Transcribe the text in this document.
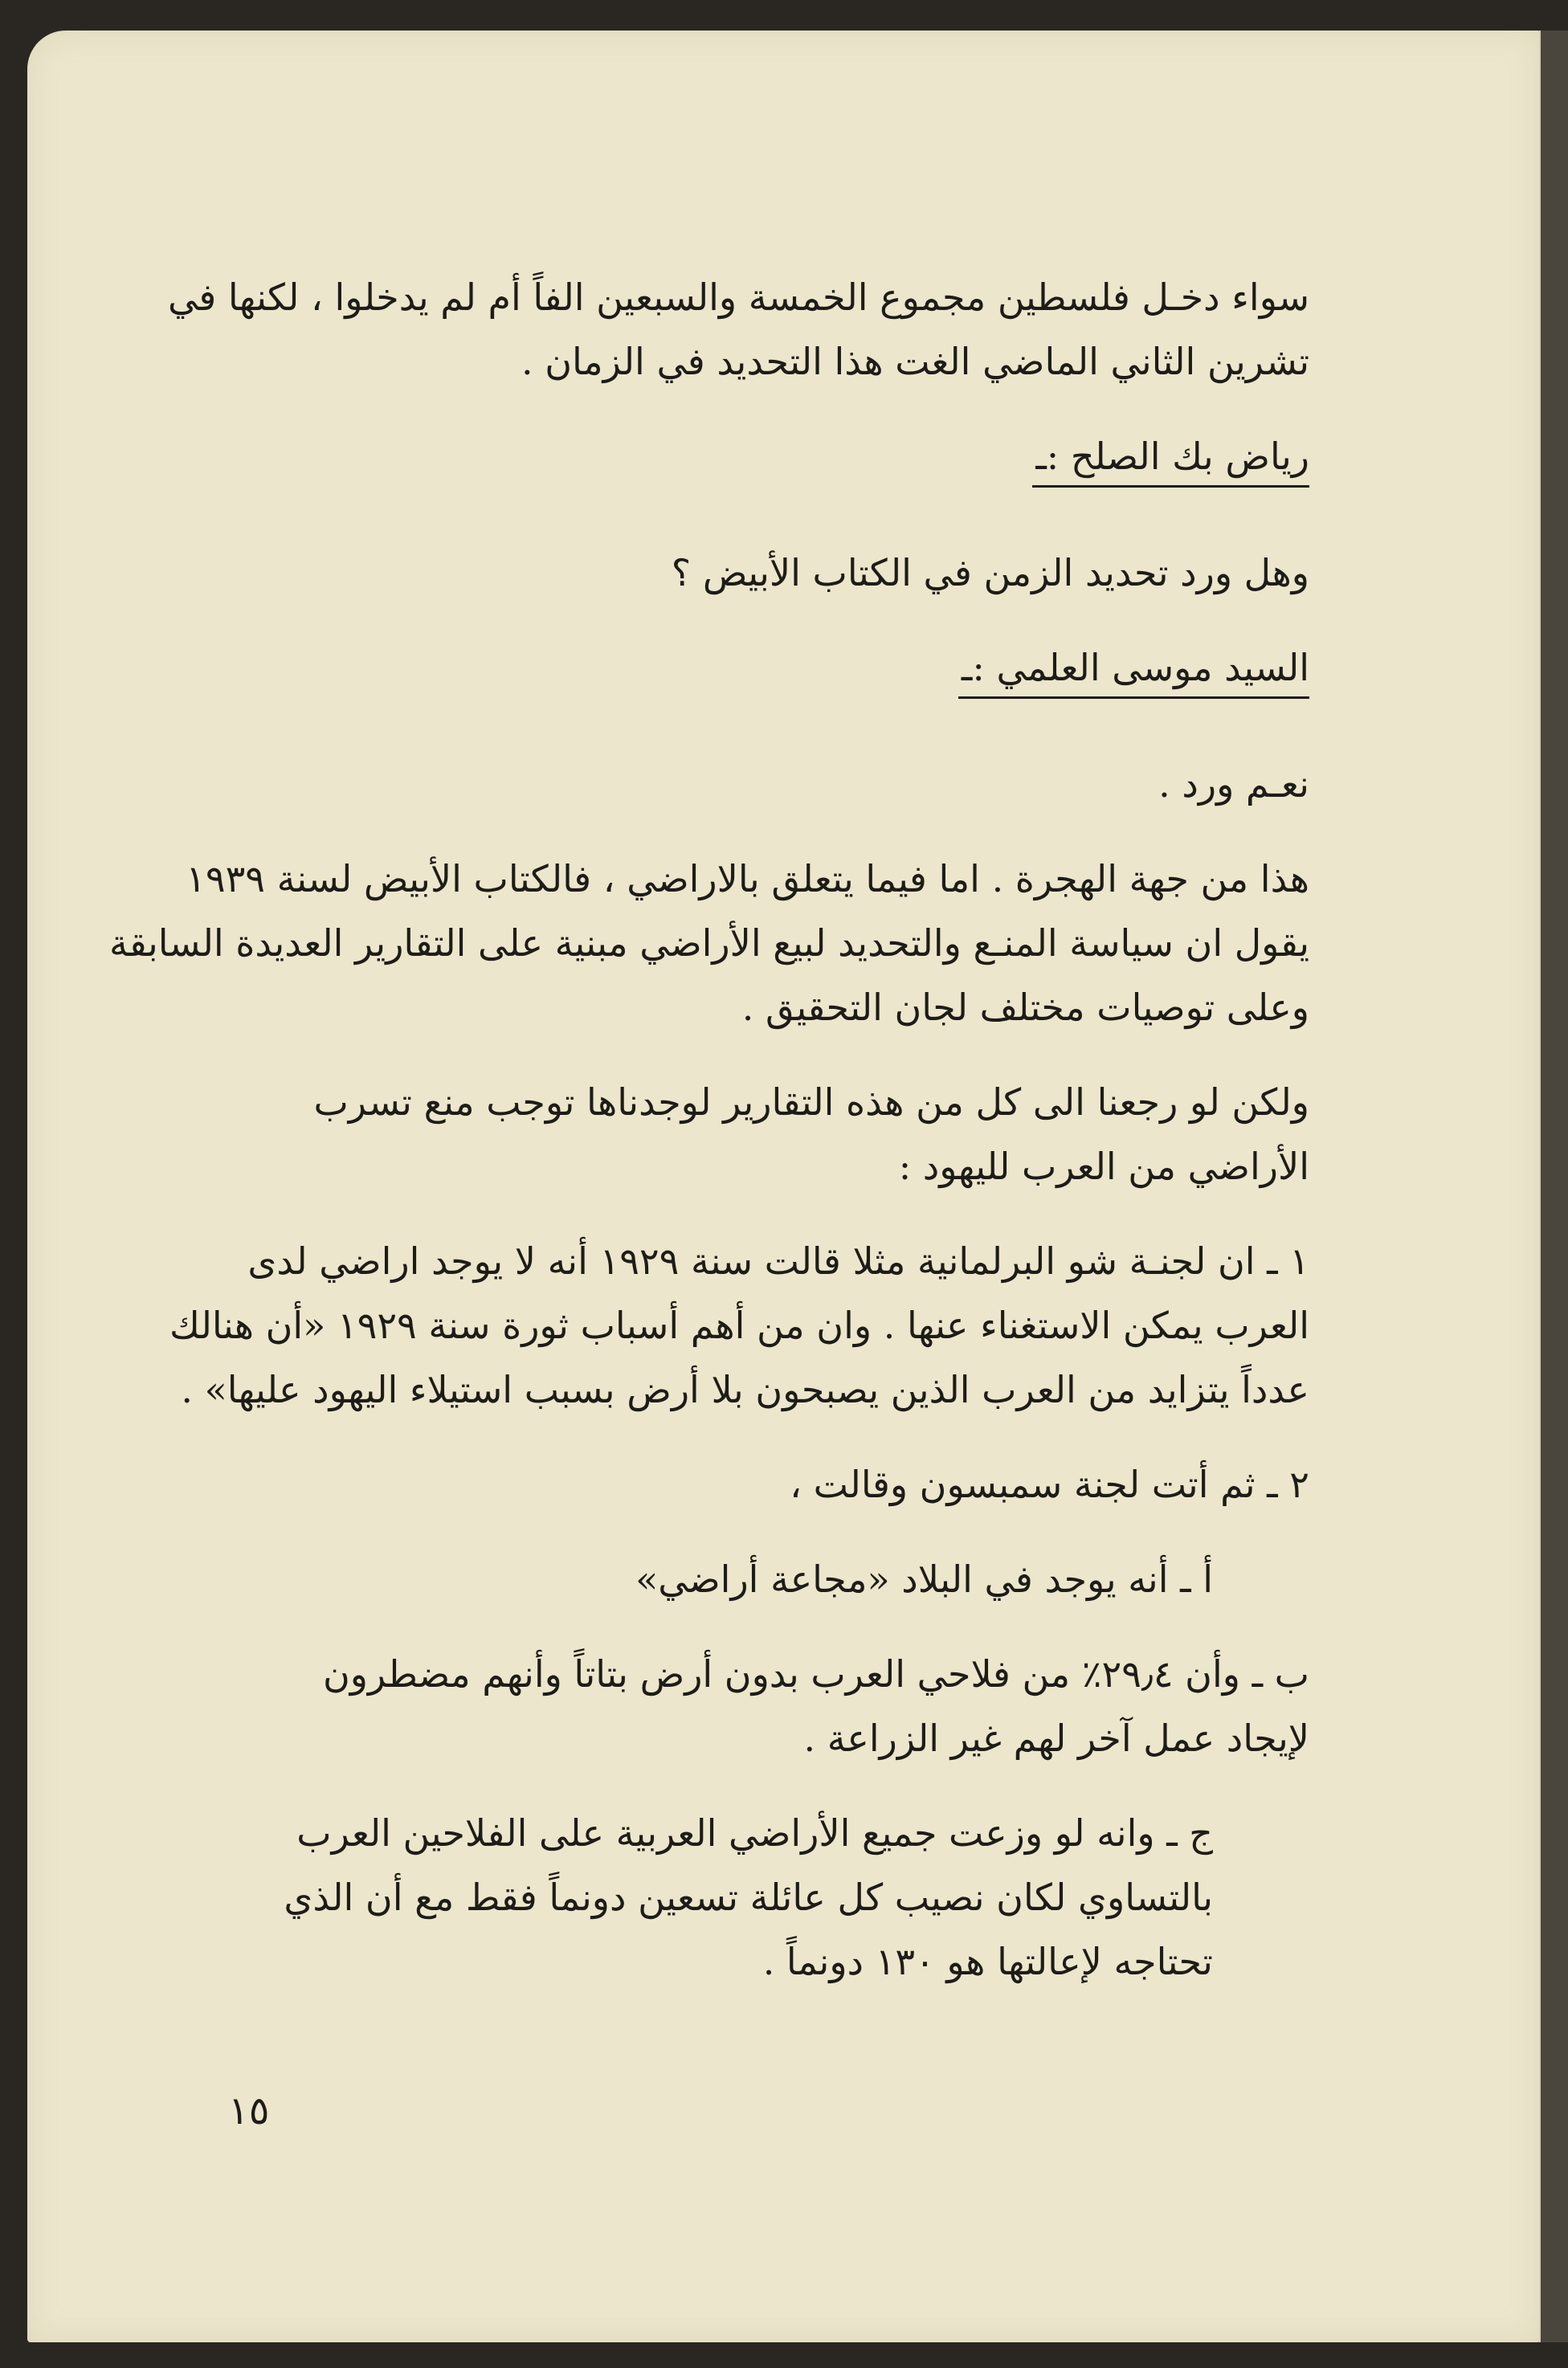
سواء دخـل فلسطين مجموع الخمسة والسبعين الفاً أم لم يدخلوا ، لكنها في
تشرين الثاني الماضي الغت هذا التحديد في الزمان .
رياض بك الصلح :ـ
وهل ورد تحديد الزمن في الكتاب الأبيض ؟
السيد موسى العلمي :ـ
نعـم ورد .
هذا من جهة الهجرة . اما فيما يتعلق بالاراضي ، فالكتاب الأبيض لسنة ١٩٣٩
يقول ان سياسة المنـع والتحديد لبيع الأراضي مبنية على التقارير العديدة السابقة
وعلى توصيات مختلف لجان التحقيق .
ولكن لو رجعنا الى كل من هذه التقارير لوجدناها توجب منع تسرب
الأراضي من العرب لليهود :
١ ـ ان لجنـة شو البرلمانية مثلا قالت سنة ١٩٢٩ أنه لا يوجد اراضي لدى
العرب يمكن الاستغناء عنها . وان من أهم أسباب ثورة سنة ١٩٢٩ «أن هنالك
عدداً يتزايد من العرب الذين يصبحون بلا أرض بسبب استيلاء اليهود عليها» .
٢ ـ ثم أتت لجنة سمبسون وقالت ،
أ ـ أنه يوجد في البلاد «مجاعة أراضي»
ب ـ وأن ٢٩٫٤٪ من فلاحي العرب بدون أرض بتاتاً وأنهم مضطرون
لإيجاد عمل آخر لهم غير الزراعة .
ج ـ وانه لو وزعت جميع الأراضي العربية على الفلاحين العرب
بالتساوي لكان نصيب كل عائلة تسعين دونماً فقط مع أن الذي
تحتاجه لإعالتها هو ١٣٠ دونماً .
١٥
